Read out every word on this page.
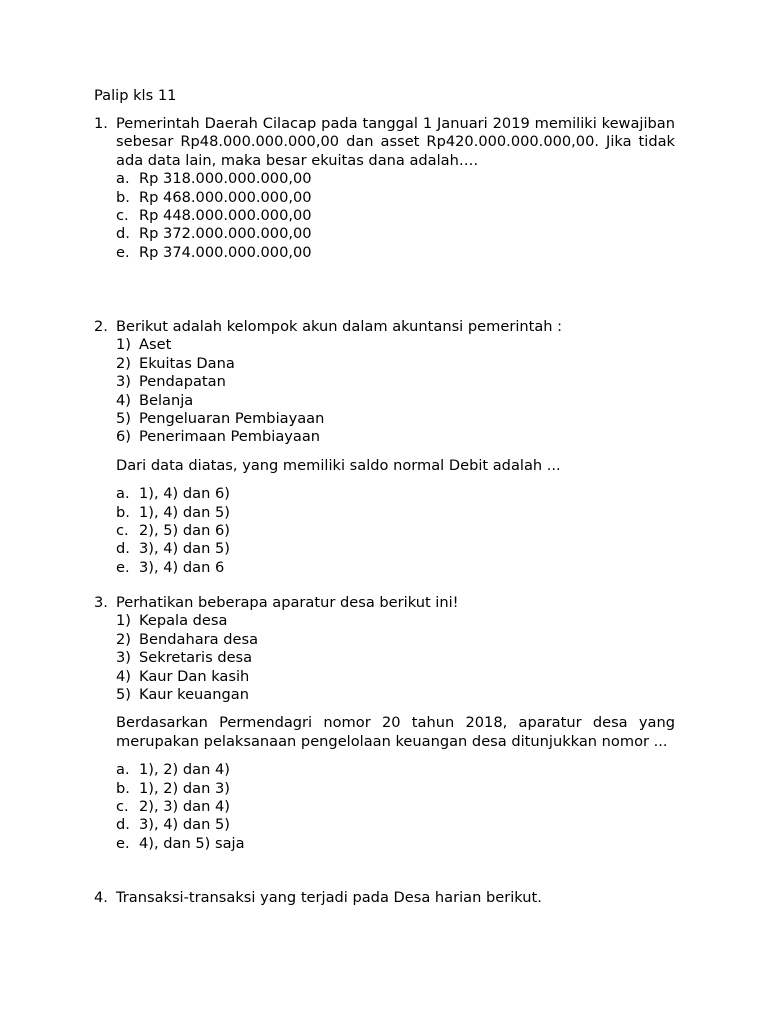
Palip kls 11
1. Pemerintah Daerah Cilacap pada tanggal 1 Januari 2019 memiliki kewajiban sebesar Rp48.000.000.000,00 dan asset Rp420.000.000.000,00. Jika tidak ada data lain, maka besar ekuitas dana adalah….
a. Rp 318.000.000.000,00
b. Rp 468.000.000.000,00
c. Rp 448.000.000.000,00
d. Rp 372.000.000.000,00
e. Rp 374.000.000.000,00
2. Berikut adalah kelompok akun dalam akuntansi pemerintah :
1) Aset
2) Ekuitas Dana
3) Pendapatan
4) Belanja
5) Pengeluaran Pembiayaan
6) Penerimaan Pembiayaan
Dari data diatas, yang memiliki saldo normal Debit adalah ...
a. 1), 4) dan 6)
b. 1), 4) dan 5)
c. 2), 5) dan 6)
d. 3), 4) dan 5)
e. 3), 4) dan 6
3. Perhatikan beberapa aparatur desa berikut ini!
1) Kepala desa
2) Bendahara desa
3) Sekretaris desa
4) Kaur Dan kasih
5) Kaur keuangan
Berdasarkan Permendagri nomor 20 tahun 2018, aparatur desa yang merupakan pelaksanaan pengelolaan keuangan desa ditunjukkan nomor ...
a. 1), 2) dan 4)
b. 1), 2) dan 3)
c. 2), 3) dan 4)
d. 3), 4) dan 5)
e. 4), dan 5) saja
4. Transaksi-transaksi yang terjadi pada Desa harian berikut.
